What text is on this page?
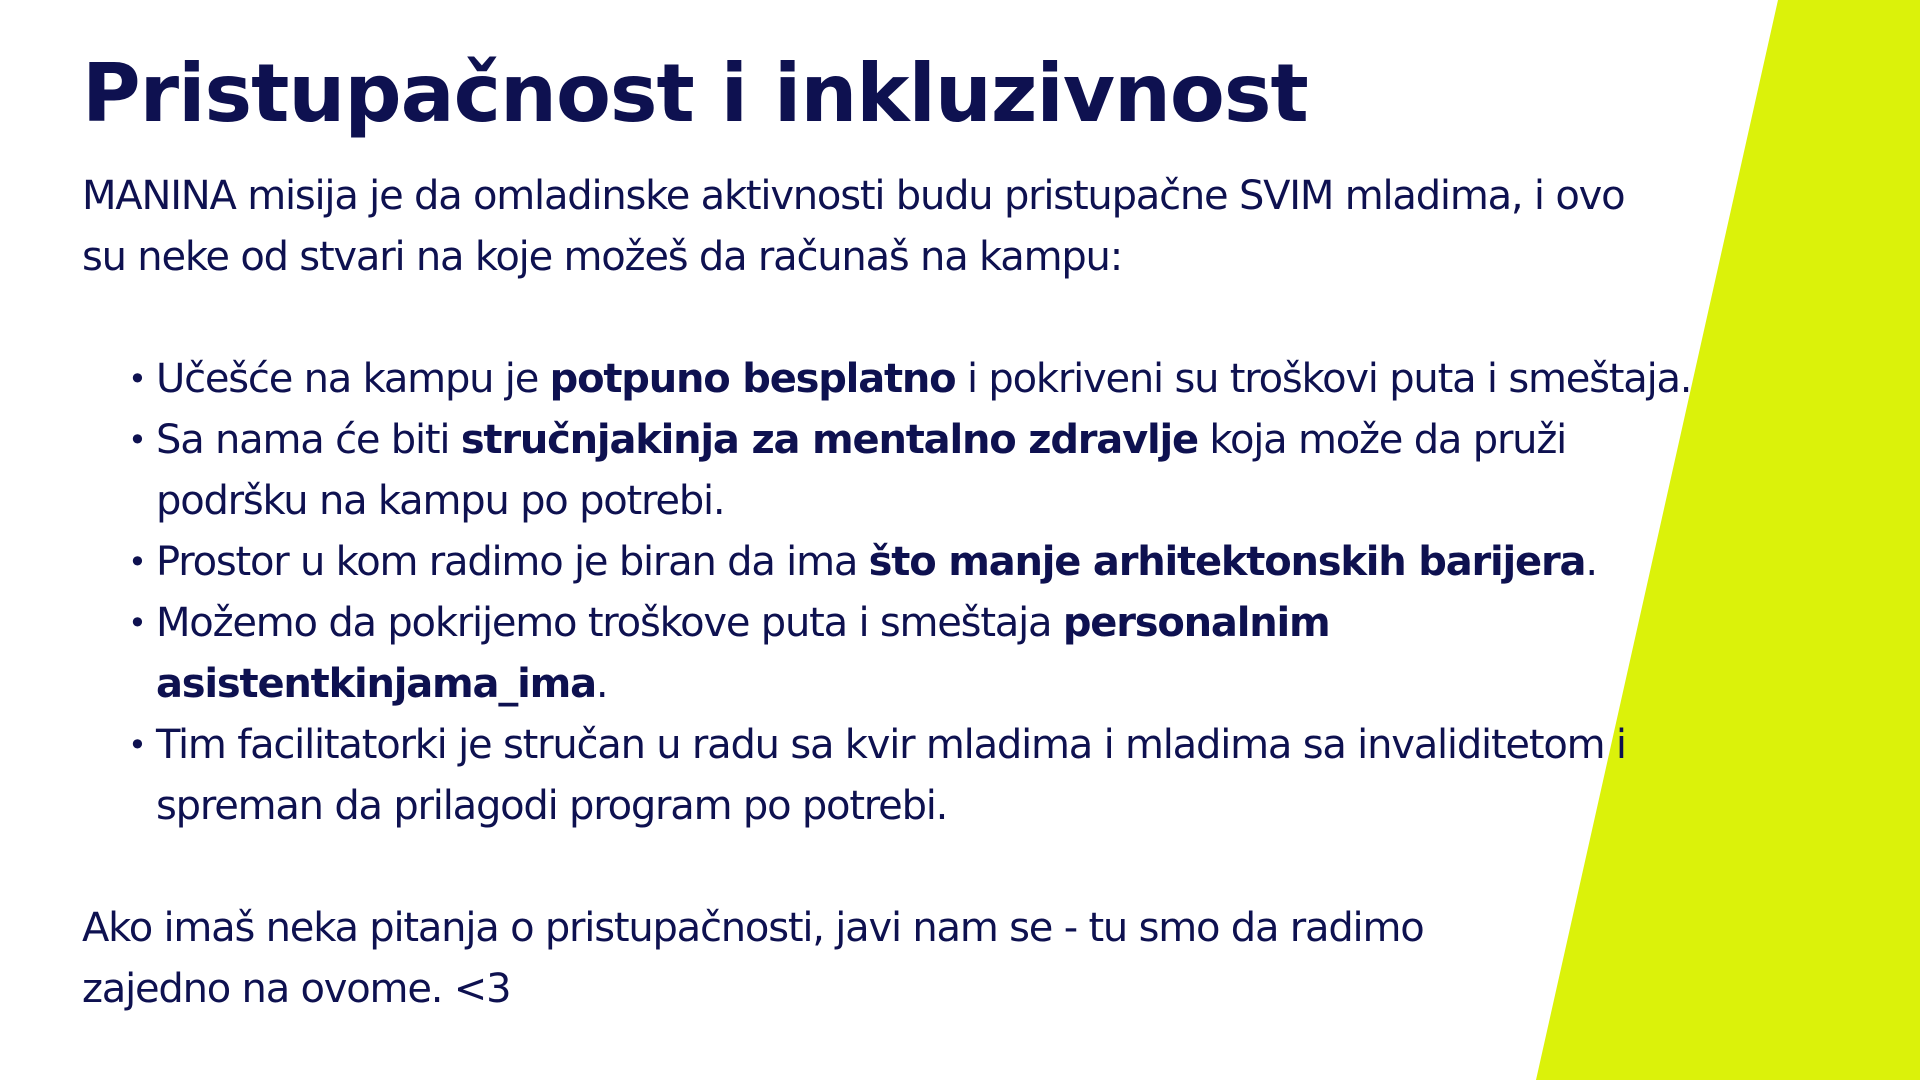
Pristupačnost i inkluzivnost

MANINA misija je da omladinske aktivnosti budu pristupačne SVIM mladima, i ovo su neke od stvari na koje možeš da računaš na kampu:

• Učešće na kampu je potpuno besplatno i pokriveni su troškovi puta i smeštaja.
• Sa nama će biti stručnjakinja za mentalno zdravlje koja može da pruži podršku na kampu po potrebi.
• Prostor u kom radimo je biran da ima što manje arhitektonskih barijera.
• Možemo da pokrijemo troškove puta i smeštaja personalnim asistentkinjama_ima.
• Tim facilitatorki je stručan u radu sa kvir mladima i mladima sa invaliditetom i spreman da prilagodi program po potrebi.

Ako imaš neka pitanja o pristupačnosti, javi nam se - tu smo da radimo zajedno na ovome. <3
